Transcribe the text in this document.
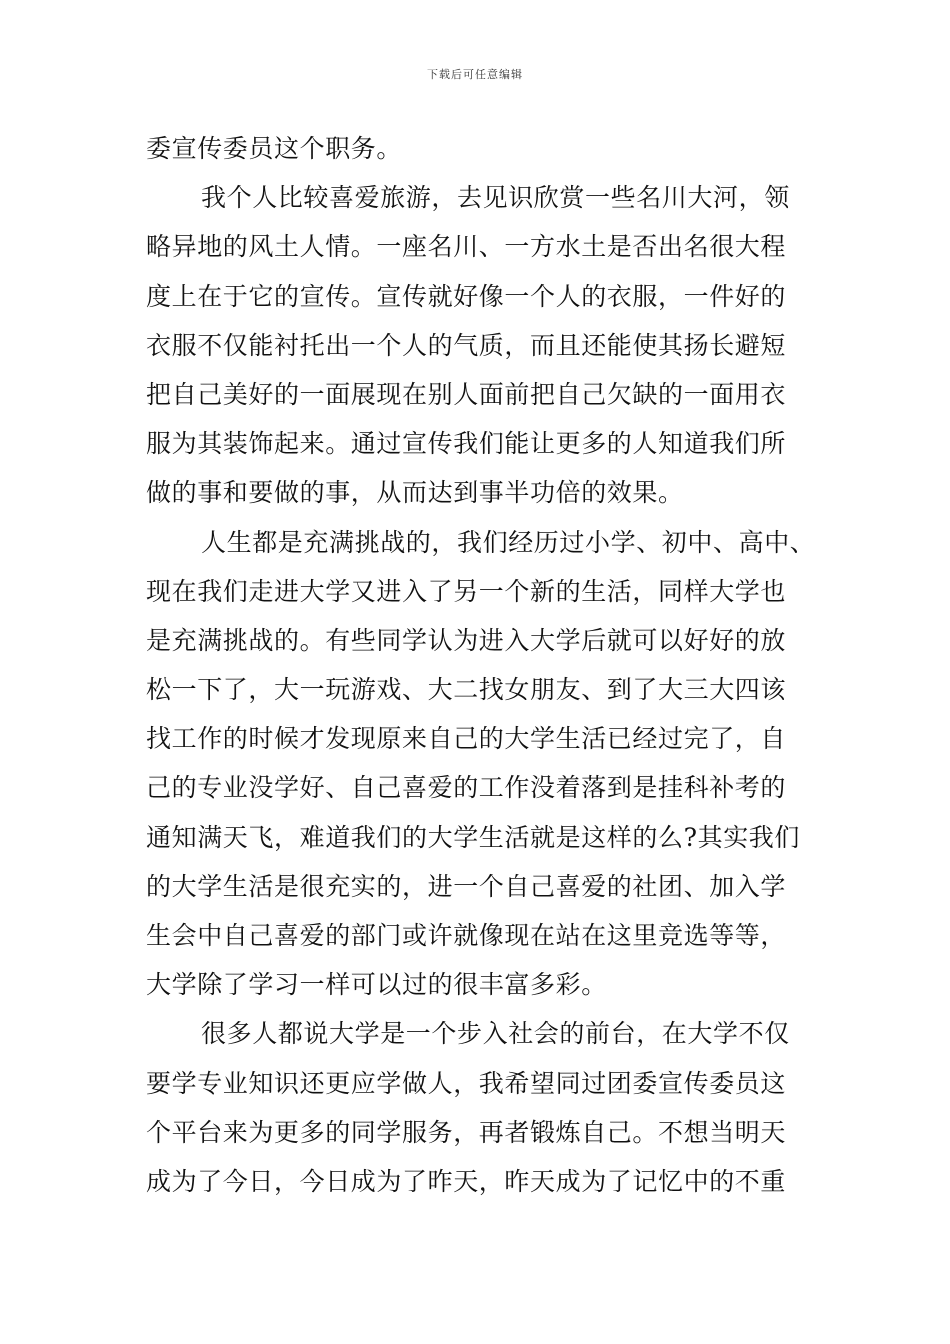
下载后可任意编辑
委宣传委员这个职务。
我个人比较喜爱旅游，去见识欣赏一些名川大河，领
略异地的风土人情。一座名川、一方水土是否出名很大程
度上在于它的宣传。宣传就好像一个人的衣服，一件好的
衣服不仅能衬托出一个人的气质，而且还能使其扬长避短
把自己美好的一面展现在别人面前把自己欠缺的一面用衣
服为其装饰起来。通过宣传我们能让更多的人知道我们所
做的事和要做的事，从而达到事半功倍的效果。
人生都是充满挑战的，我们经历过小学、初中、高中、
现在我们走进大学又进入了另一个新的生活，同样大学也
是充满挑战的。有些同学认为进入大学后就可以好好的放
松一下了，大一玩游戏、大二找女朋友、到了大三大四该
找工作的时候才发现原来自己的大学生活已经过完了，自
己的专业没学好、自己喜爱的工作没着落到是挂科补考的
通知满天飞，难道我们的大学生活就是这样的么?其实我们
的大学生活是很充实的，进一个自己喜爱的社团、加入学
生会中自己喜爱的部门或许就像现在站在这里竞选等等，
大学除了学习一样可以过的很丰富多彩。
很多人都说大学是一个步入社会的前台，在大学不仅
要学专业知识还更应学做人，我希望同过团委宣传委员这
个平台来为更多的同学服务，再者锻炼自己。不想当明天
成为了今日，今日成为了昨天，昨天成为了记忆中的不重
